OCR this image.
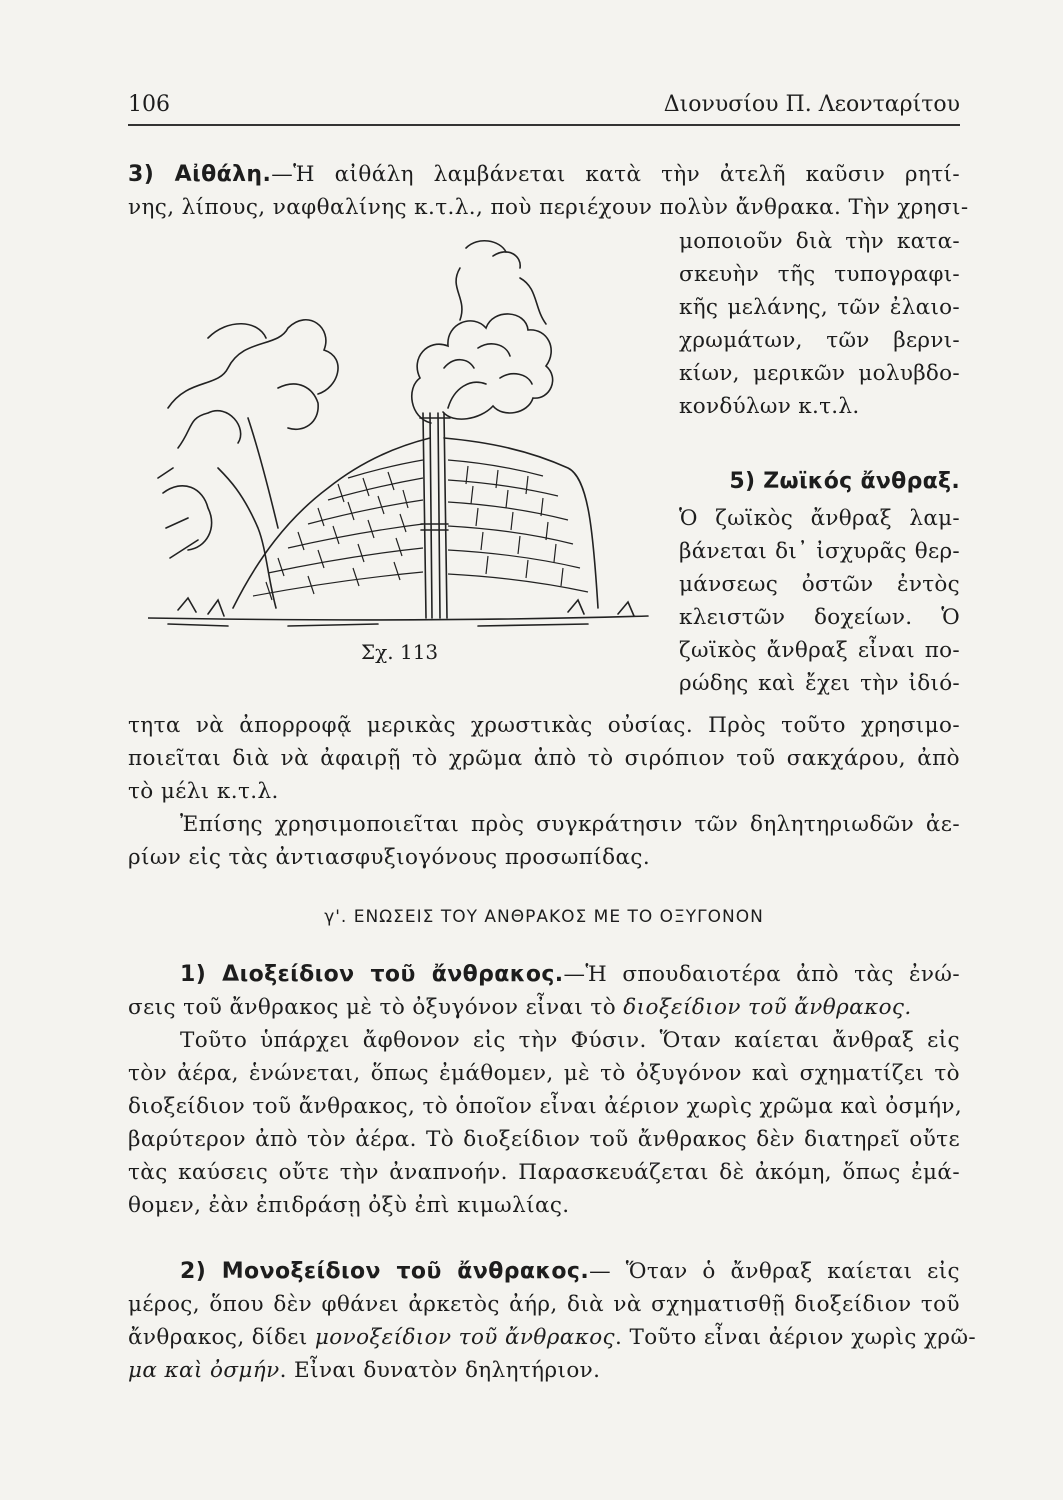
106	Διονυσίου Π. Λεονταρίτου
3) Αἰθάλη.—Ἡ αἰθάλη λαμβάνεται κατὰ τὴν ἀτελῆ καῦσιν ρητί-
νης, λίπους, ναφθαλίνης κ.τ.λ., ποὺ περιέχουν πολὺν ἄνθρακα. Τὴν χρησι-
μοποιοῦν διὰ τὴν κατα-
σκευὴν τῆς τυπογραφι-
κῆς μελάνης, τῶν ἐλαιο-
χρωμάτων, τῶν βερνι-
κίων, μερικῶν μολυβδο-
κονδύλων κ.τ.λ.
5) Ζωϊκός ἄνθραξ.
Ὁ ζωϊκὸς ἄνθραξ λαμ-
βάνεται δι᾽ ἰσχυρᾶς θερ-
μάνσεως ὀστῶν ἐντὸς
κλειστῶν δοχείων. Ὁ
ζωϊκὸς ἄνθραξ εἶναι πο-
ρώδης καὶ ἔχει τὴν ἰδιό-
Σχ. 113
τητα νὰ ἀπορροφᾷ μερικὰς χρωστικὰς οὐσίας. Πρὸς τοῦτο χρησιμο-
ποιεῖται διὰ νὰ ἀφαιρῇ τὸ χρῶμα ἀπὸ τὸ σιρόπιον τοῦ σακχάρου, ἀπὸ
τὸ μέλι κ.τ.λ.
Ἐπίσης χρησιμοποιεῖται πρὸς συγκράτησιν τῶν δηλητηριωδῶν ἀε-
ρίων εἰς τὰς ἀντιασφυξιογόνους προσωπίδας.
γ'. ΕΝΩΣΕΙΣ ΤΟΥ ΑΝΘΡΑΚΟΣ ΜΕ ΤΟ ΟΞΥΓΟΝΟΝ
1) Διοξείδιον τοῦ ἄνθρακος.—Ἡ σπουδαιοτέρα ἀπὸ τὰς ἐνώ-
σεις τοῦ ἄνθρακος μὲ τὸ ὀξυγόνον εἶναι τὸ διοξείδιον τοῦ ἄνθρακος.
Τοῦτο ὑπάρχει ἄφθονον εἰς τὴν Φύσιν. Ὅταν καίεται ἄνθραξ εἰς
τὸν ἀέρα, ἑνώνεται, ὅπως ἐμάθομεν, μὲ τὸ ὀξυγόνον καὶ σχηματίζει τὸ
διοξείδιον τοῦ ἄνθρακος, τὸ ὁποῖον εἶναι ἀέριον χωρὶς χρῶμα καὶ ὀσμήν,
βαρύτερον ἀπὸ τὸν ἀέρα. Τὸ διοξείδιον τοῦ ἄνθρακος δὲν διατηρεῖ οὔτε
τὰς καύσεις οὔτε τὴν ἀναπνοήν. Παρασκευάζεται δὲ ἀκόμη, ὅπως ἐμά-
θομεν, ἐὰν ἐπιδράσῃ ὀξὺ ἐπὶ κιμωλίας.
2) Μονοξείδιον τοῦ ἄνθρακος.— Ὅταν ὁ ἄνθραξ καίεται εἰς
μέρος, ὅπου δὲν φθάνει ἀρκετὸς ἀήρ, διὰ νὰ σχηματισθῇ διοξείδιον τοῦ
ἄνθρακος, δίδει μονοξείδιον τοῦ ἄνθρακος. Τοῦτο εἶναι ἀέριον χωρὶς χρῶ-
μα καὶ ὀσμήν. Εἶναι δυνατὸν δηλητήριον.
